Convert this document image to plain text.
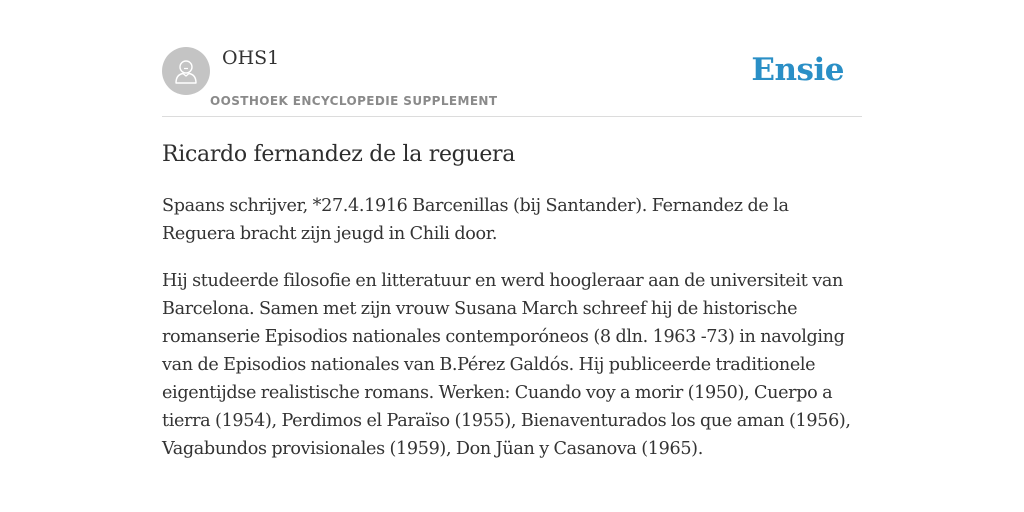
OHS1
OOSTHOEK ENCYCLOPEDIE SUPPLEMENT
Ensie
Ricardo fernandez de la reguera

Spaans schrijver, *27.4.1916 Barcenillas (bij Santander). Fernandez de la Reguera bracht zijn jeugd in Chili door.

Hij studeerde filosofie en litteratuur en werd hoogleraar aan de universiteit van Barcelona. Samen met zijn vrouw Susana March schreef hij de historische romanserie Episodios nationales contemporóneos (8 dln. 1963 -73) in navolging van de Episodios nationales van B.Pérez Galdós. Hij publiceerde traditionele eigentijdse realistische romans. Werken: Cuando voy a morir (1950), Cuerpo a tierra (1954), Perdimos el Paraïso (1955), Bienaventurados los que aman (1956), Vagabundos provisionales (1959), Don Jüan y Casanova (1965).
